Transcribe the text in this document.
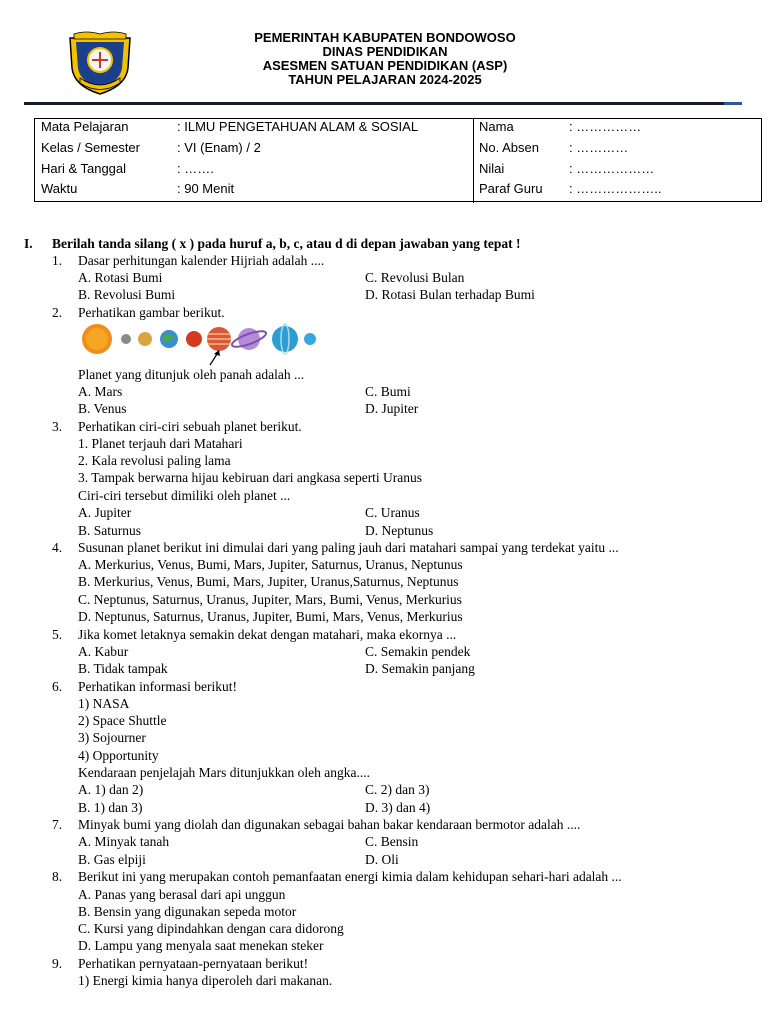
PEMERINTAH KABUPATEN BONDOWOSO
DINAS PENDIDIKAN
ASESMEN SATUAN PENDIDIKAN (ASP)
TAHUN PELAJARAN 2024-2025
Mata Pelajaran	: ILMU PENGETAHUAN ALAM & SOSIAL
Kelas / Semester	: VI (Enam) / 2
Hari & Tanggal	: …….
Waktu	: 90 Menit
Nama	: ……………
No. Absen : …………
Nilai	: ………………
Paraf Guru : ………………..
I. Berilah tanda silang ( x ) pada huruf a, b, c, atau d di depan jawaban yang tepat !
1. Dasar perhitungan kalender Hijriah adalah ....
A. Rotasi Bumi	C. Revolusi Bulan
B. Revolusi Bumi	D. Rotasi Bulan terhadap Bumi
2. Perhatikan gambar berikut.
Planet yang ditunjuk oleh panah adalah ...
A. Mars	C. Bumi
B. Venus	D. Jupiter
3. Perhatikan ciri-ciri sebuah planet berikut.
1. Planet terjauh dari Matahari
2. Kala revolusi paling lama
3. Tampak berwarna hijau kebiruan dari angkasa seperti Uranus
Ciri-ciri tersebut dimiliki oleh planet ...
A. Jupiter	C. Uranus
B. Saturnus	D. Neptunus
4. Susunan planet berikut ini dimulai dari yang paling jauh dari matahari sampai yang terdekat yaitu ...
A. Merkurius, Venus, Bumi, Mars, Jupiter, Saturnus, Uranus, Neptunus
B. Merkurius, Venus, Bumi, Mars, Jupiter, Uranus,Saturnus, Neptunus
C. Neptunus, Saturnus, Uranus, Jupiter, Mars, Bumi, Venus, Merkurius
D. Neptunus, Saturnus, Uranus, Jupiter, Bumi, Mars, Venus, Merkurius
5. Jika komet letaknya semakin dekat dengan matahari, maka ekornya ...
A. Kabur	C. Semakin pendek
B. Tidak tampak	D. Semakin panjang
6. Perhatikan informasi berikut!
1) NASA
2) Space Shuttle
3) Sojourner
4) Opportunity
Kendaraan penjelajah Mars ditunjukkan oleh angka....
A. 1) dan 2)	C. 2) dan 3)
B. 1) dan 3)	D. 3) dan 4)
7. Minyak bumi yang diolah dan digunakan sebagai bahan bakar kendaraan bermotor adalah ....
A. Minyak tanah	C. Bensin
B. Gas elpiji	D. Oli
8. Berikut ini yang merupakan contoh pemanfaatan energi kimia dalam kehidupan sehari-hari adalah ...
A. Panas yang berasal dari api unggun
B. Bensin yang digunakan sepeda motor
C. Kursi yang dipindahkan dengan cara didorong
D. Lampu yang menyala saat menekan steker
9. Perhatikan pernyataan-pernyataan berikut!
1) Energi kimia hanya diperoleh dari makanan.
